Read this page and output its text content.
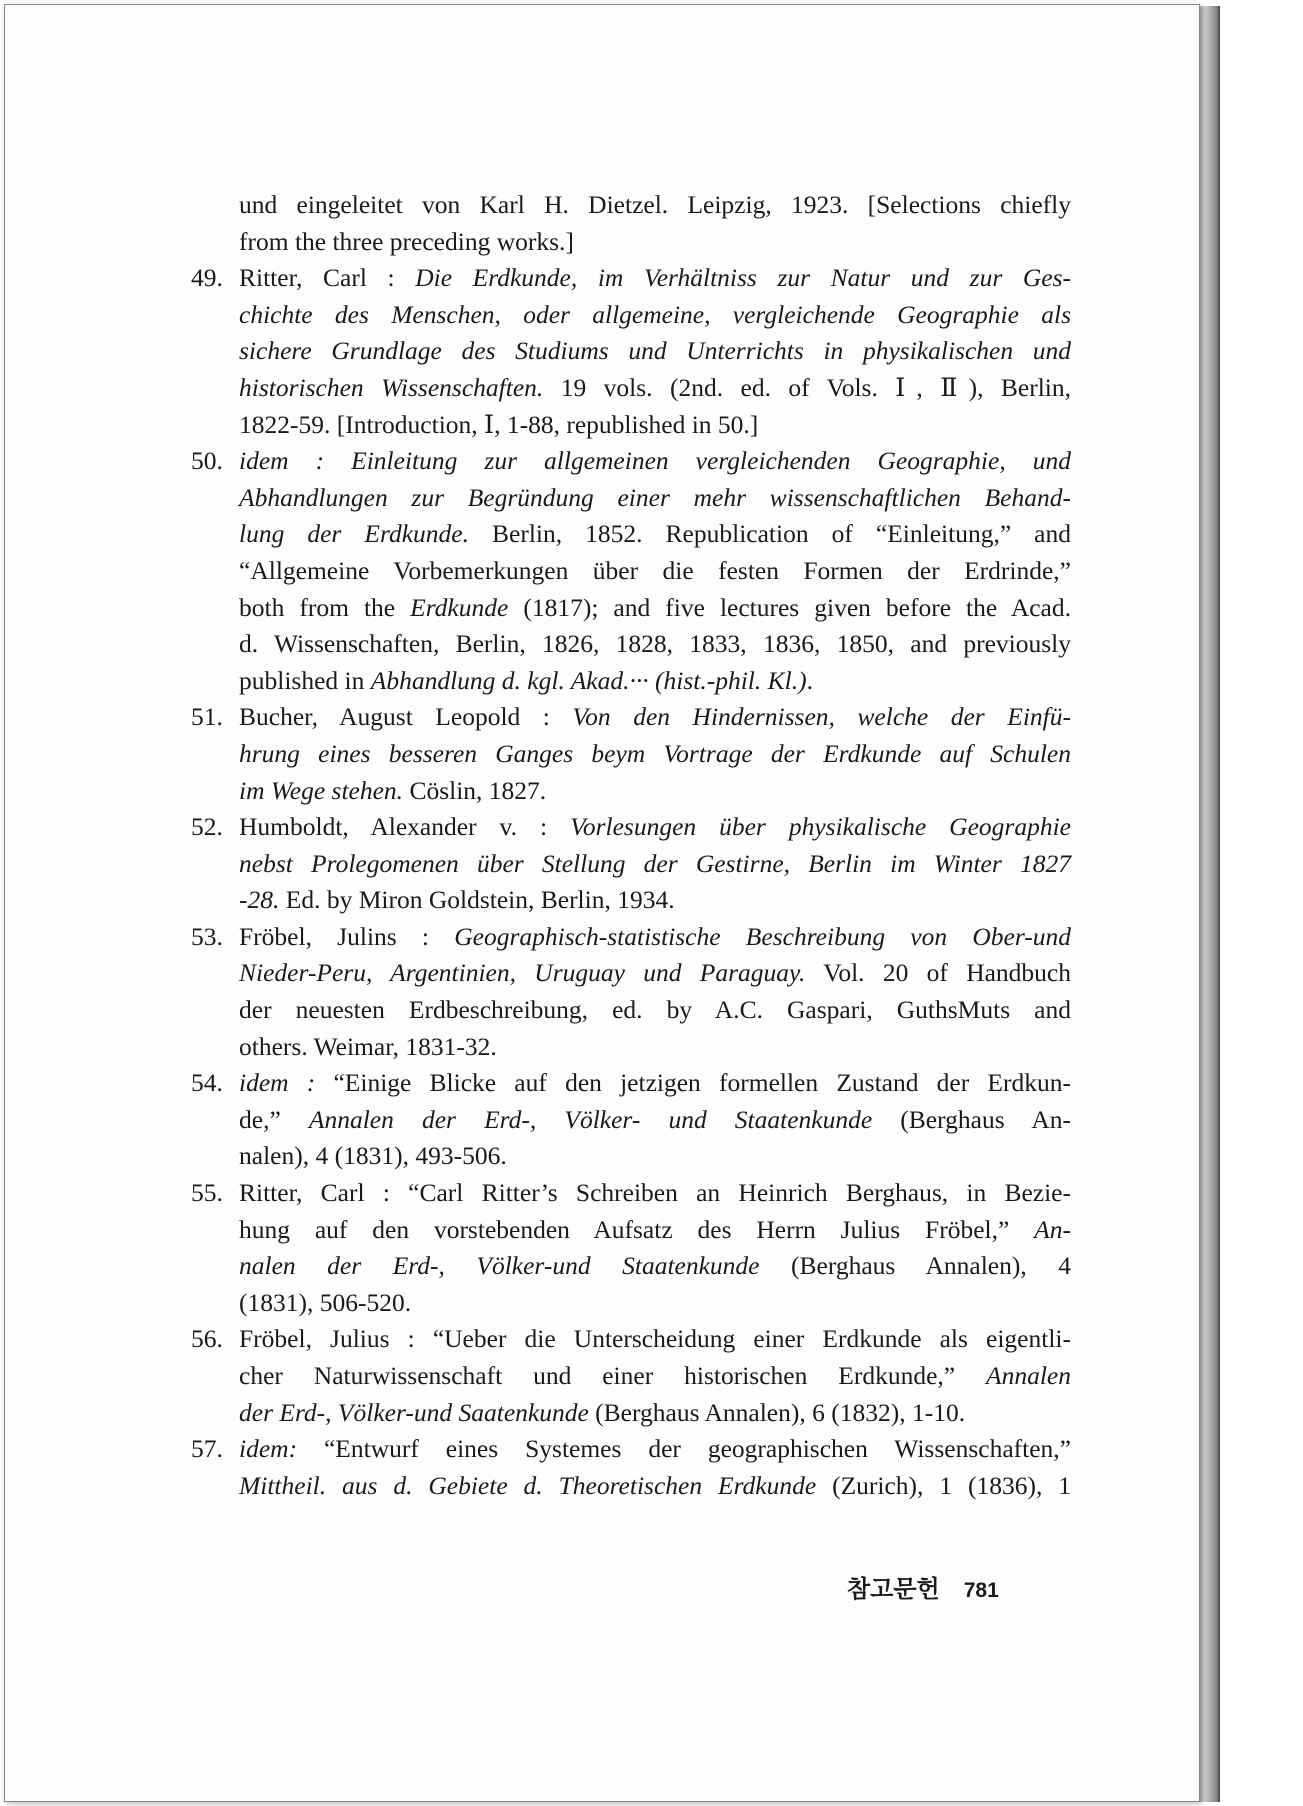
und eingeleitet von Karl H. Dietzel. Leipzig, 1923. [Selections chiefly
from the three preceding works.]
49. Ritter, Carl : Die Erdkunde, im Verhältniss zur Natur und zur Ges-
chichte des Menschen, oder allgemeine, vergleichende Geographie als
sichere Grundlage des Studiums und Unterrichts in physikalischen und
historischen Wissenschaften. 19 vols. (2nd. ed. of Vols. Ⅰ, Ⅱ), Berlin,
1822-59. [Introduction, Ⅰ, 1-88, republished in 50.]
50. idem : Einleitung zur allgemeinen vergleichenden Geographie, und
Abhandlungen zur Begründung einer mehr wissenschaftlichen Behand-
lung der Erdkunde. Berlin, 1852. Republication of “Einleitung,” and
“Allgemeine Vorbemerkungen über die festen Formen der Erdrinde,”
both from the Erdkunde (1817); and five lectures given before the Acad.
d. Wissenschaften, Berlin, 1826, 1828, 1833, 1836, 1850, and previously
published in Abhandlung d. kgl. Akad.··· (hist.-phil. Kl.).
51. Bucher, August Leopold : Von den Hindernissen, welche der Einfü-
hrung eines besseren Ganges beym Vortrage der Erdkunde auf Schulen
im Wege stehen. Cöslin, 1827.
52. Humboldt, Alexander v. : Vorlesungen über physikalische Geographie
nebst Prolegomenen über Stellung der Gestirne, Berlin im Winter 1827
-28. Ed. by Miron Goldstein, Berlin, 1934.
53. Fröbel, Julins : Geographisch-statistische Beschreibung von Ober-und
Nieder-Peru, Argentinien, Uruguay und Paraguay. Vol. 20 of Handbuch
der neuesten Erdbeschreibung, ed. by A.C. Gaspari, GuthsMuts and
others. Weimar, 1831-32.
54. idem : “Einige Blicke auf den jetzigen formellen Zustand der Erdkun-
de,” Annalen der Erd-, Völker- und Staatenkunde (Berghaus An-
nalen), 4 (1831), 493-506.
55. Ritter, Carl : “Carl Ritter’s Schreiben an Heinrich Berghaus, in Bezie-
hung auf den vorstebenden Aufsatz des Herrn Julius Fröbel,” An-
nalen der Erd-, Völker-und Staatenkunde (Berghaus Annalen), 4
(1831), 506-520.
56. Fröbel, Julius : “Ueber die Unterscheidung einer Erdkunde als eigentli-
cher Naturwissenschaft und einer historischen Erdkunde,” Annalen
der Erd-, Völker-und Saatenkunde (Berghaus Annalen), 6 (1832), 1-10.
57. idem: “Entwurf eines Systemes der geographischen Wissenschaften,”
Mittheil. aus d. Gebiete d. Theoretischen Erdkunde (Zurich), 1 (1836), 1
참고문헌 781
